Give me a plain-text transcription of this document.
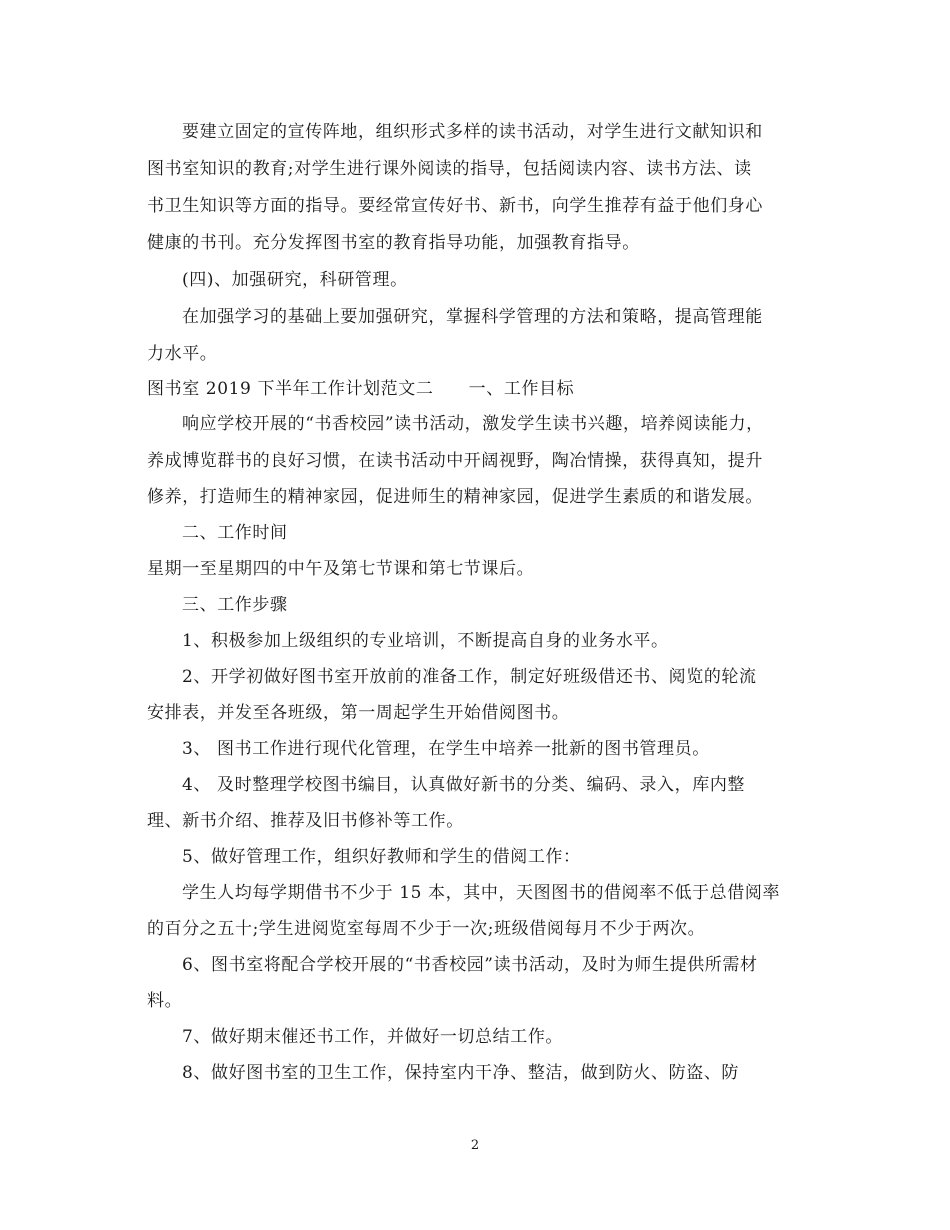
要建立固定的宣传阵地，组织形式多样的读书活动，对学生进行文献知识和
图书室知识的教育;对学生进行课外阅读的指导，包括阅读内容、读书方法、读
书卫生知识等方面的指导。要经常宣传好书、新书，向学生推荐有益于他们身心
健康的书刊。充分发挥图书室的教育指导功能，加强教育指导。
(四)、加强研究，科研管理。
在加强学习的基础上要加强研究，掌握科学管理的方法和策略，提高管理能
力水平。
图书室 2019 下半年工作计划范文二　　一、工作目标
响应学校开展的“书香校园”读书活动，激发学生读书兴趣，培养阅读能力，
养成博览群书的良好习惯，在读书活动中开阔视野，陶冶情操，获得真知，提升
修养，打造师生的精神家园，促进师生的精神家园，促进学生素质的和谐发展。
二、工作时间
星期一至星期四的中午及第七节课和第七节课后。
三、工作步骤
1、积极参加上级组织的专业培训，不断提高自身的业务水平。
2、开学初做好图书室开放前的准备工作，制定好班级借还书、阅览的轮流
安排表，并发至各班级，第一周起学生开始借阅图书。
3、 图书工作进行现代化管理，在学生中培养一批新的图书管理员。
4、 及时整理学校图书编目，认真做好新书的分类、编码、录入，库内整
理、新书介绍、推荐及旧书修补等工作。
5、做好管理工作，组织好教师和学生的借阅工作：
学生人均每学期借书不少于 15 本，其中，天图图书的借阅率不低于总借阅率
的百分之五十;学生进阅览室每周不少于一次;班级借阅每月不少于两次。
6、图书室将配合学校开展的“书香校园”读书活动，及时为师生提供所需材
料。
7、做好期末催还书工作，并做好一切总结工作。
8、做好图书室的卫生工作，保持室内干净、整洁，做到防火、防盗、防
2
